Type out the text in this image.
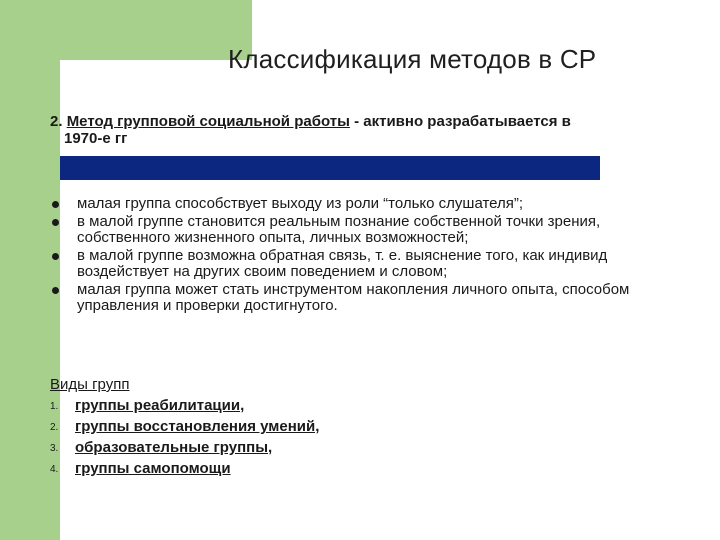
Классификация методов в СР
2. Метод групповой социальной работы - активно разрабатывается в
1970-е гг
малая группа способствует выходу из роли “только слушателя”;
в малой группе становится реальным познание собственной точки зрения, собственного жизненного опыта, личных возможностей;
в малой группе возможна обратная связь, т. е. выяснение того, как индивид воздействует на других своим поведением и словом;
малая группа может стать инструментом накопления личного опыта, способом управления и проверки достигнутого.
Виды групп
1. группы реабилитации,
2. группы восстановления умений,
3. образовательные группы,
4. группы самопомощи
